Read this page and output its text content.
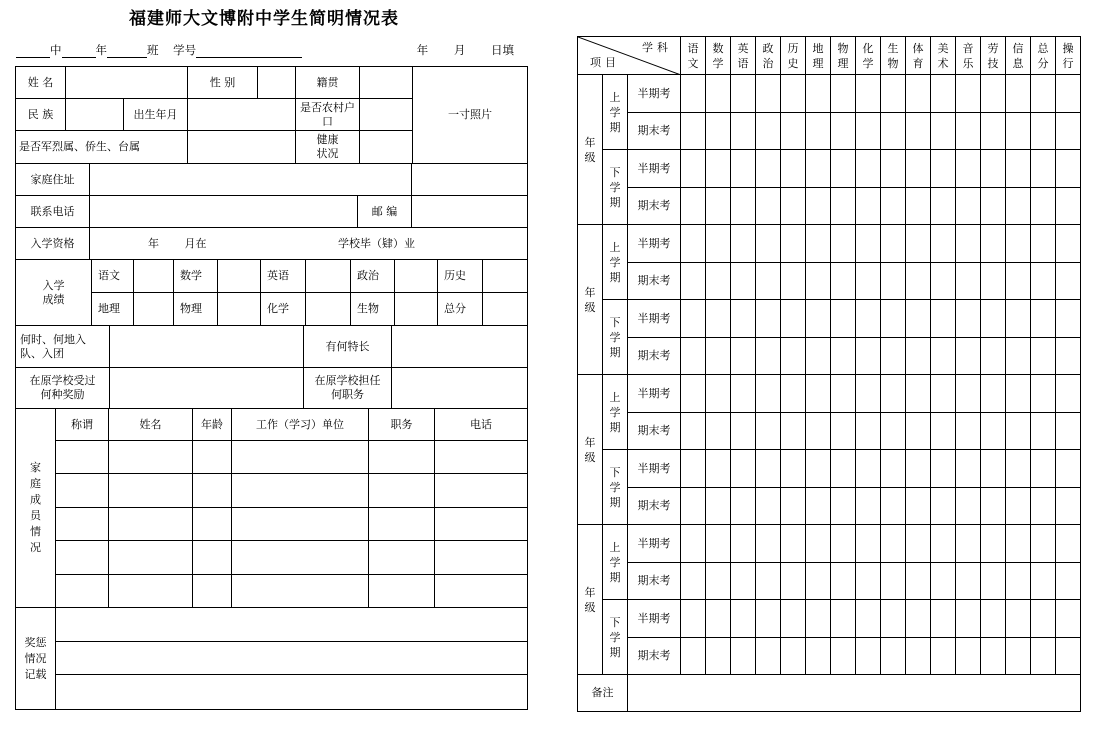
福建师大文博附中学生简明情况表
中	年	班 学号	年 月 日填
姓 名			性 别		籍贯		一寸照片
民 族		出生年月			是否农村户口		

是否军烈属、侨生、台属					健康状况		

家庭住址			
联系电话		邮 编	
入学资格	年 月在 学校毕（肄）业		
入学成绩	语文		数学		英语		政治		历史	
	地理		物理		化学		生物		总分	
何时、何地入队、入团		有何特长	

在原学校受过何种奖励		在原学校担任何职务	

家庭成员情况	称谓	姓名	年龄	工作（学习）单位	职务	电话

奖惩情况记载

学科
项目			语文	数学	英语	政治	历史	地理	物理	化学	生物	体育	美术	音乐	劳技	信息	总分	操行

年级	上学期	半期考																
		期末考																

	下学期	半期考																
		期末考																

年级	上学期	半期考																
		期末考																

	下学期	半期考																
		期末考																

年级	上学期	半期考																
		期末考																

	下学期	半期考																
		期末考																

年级	上学期	半期考																
		期末考																

	下学期	半期考																
		期末考																
备注																		
